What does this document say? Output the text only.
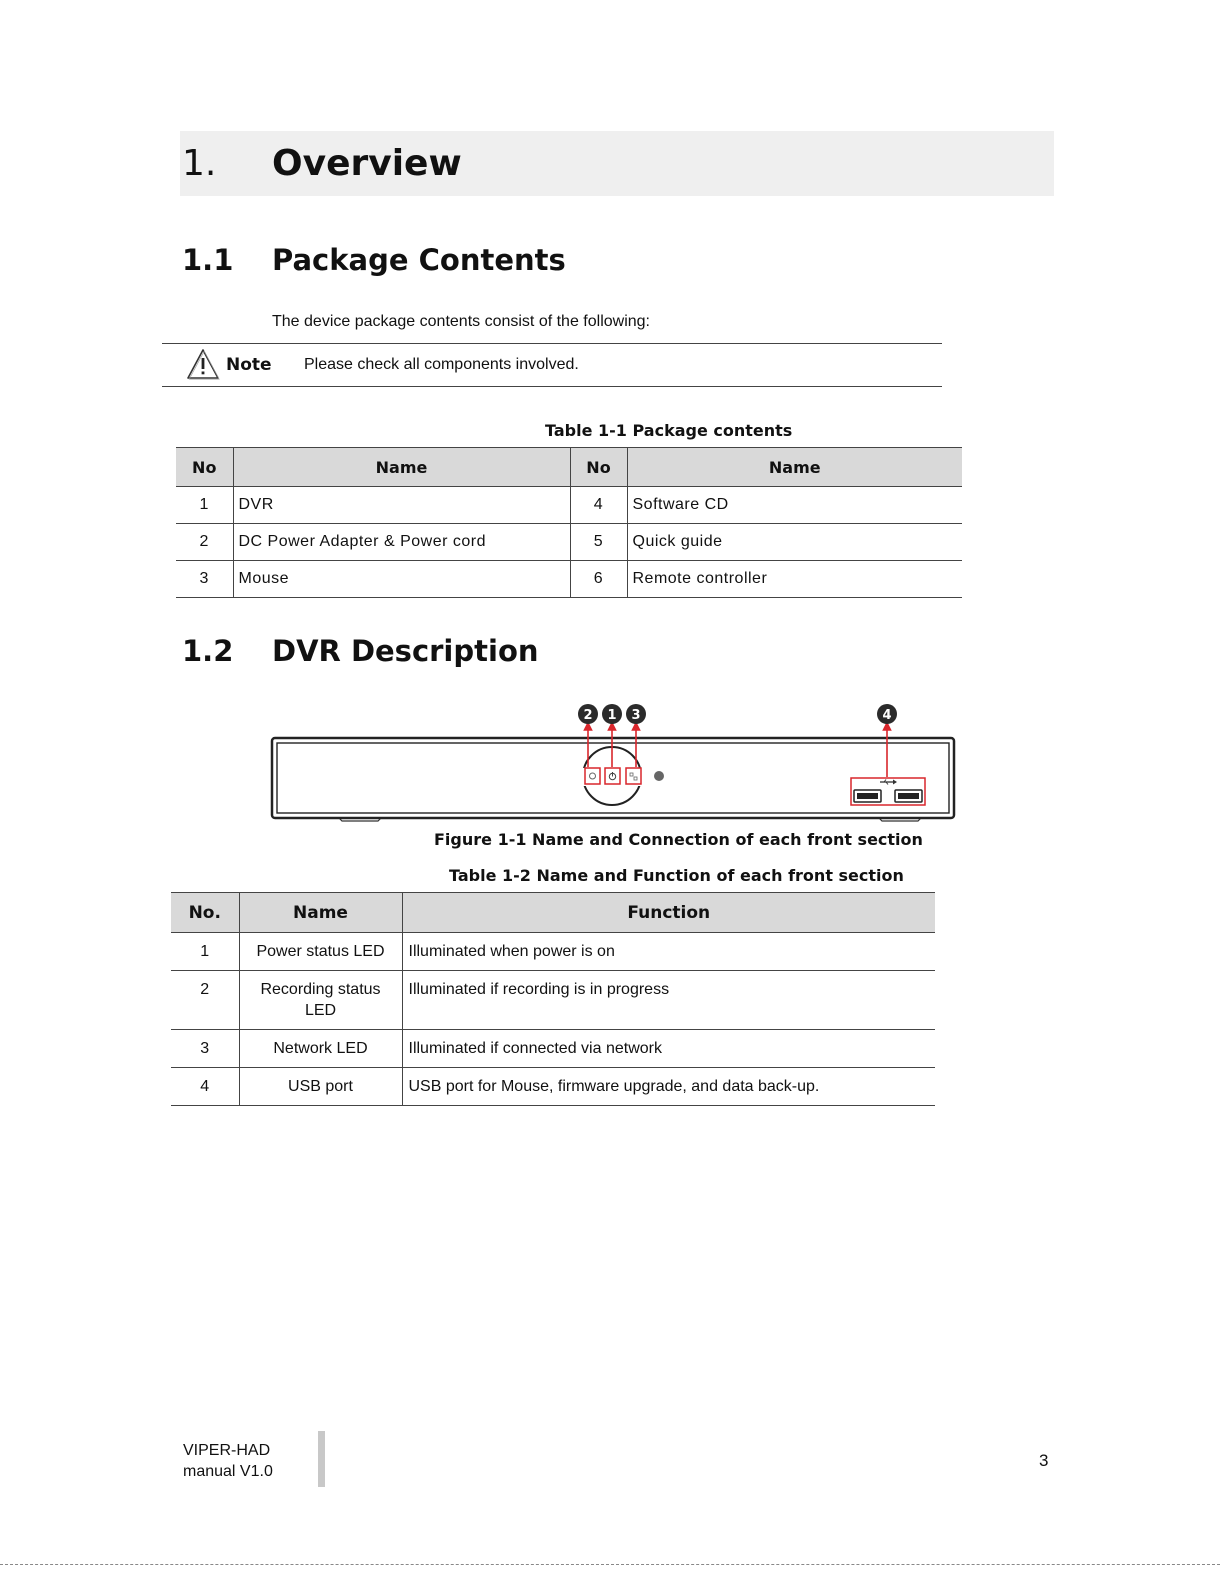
1. Overview
1.1 Package Contents
The device package contents consist of the following:
Note Please check all components involved.
Table 1-1 Package contents
No	Name	No	Name
1	DVR	4	Software CD
2	DC Power Adapter & Power cord	5	Quick guide
3	Mouse	6	Remote controller
1.2 DVR Description
2 1 3	4
Figure 1-1 Name and Connection of each front section
Table 1-2 Name and Function of each front section
No.	Name	Function
1	Power status LED	Illuminated when power is on
2	Recording status LED	Illuminated if recording is in progress
3	Network LED	Illuminated if connected via network
4	USB port	USB port for Mouse, firmware upgrade, and data back-up.
VIPER-HAD
manual V1.0
3
